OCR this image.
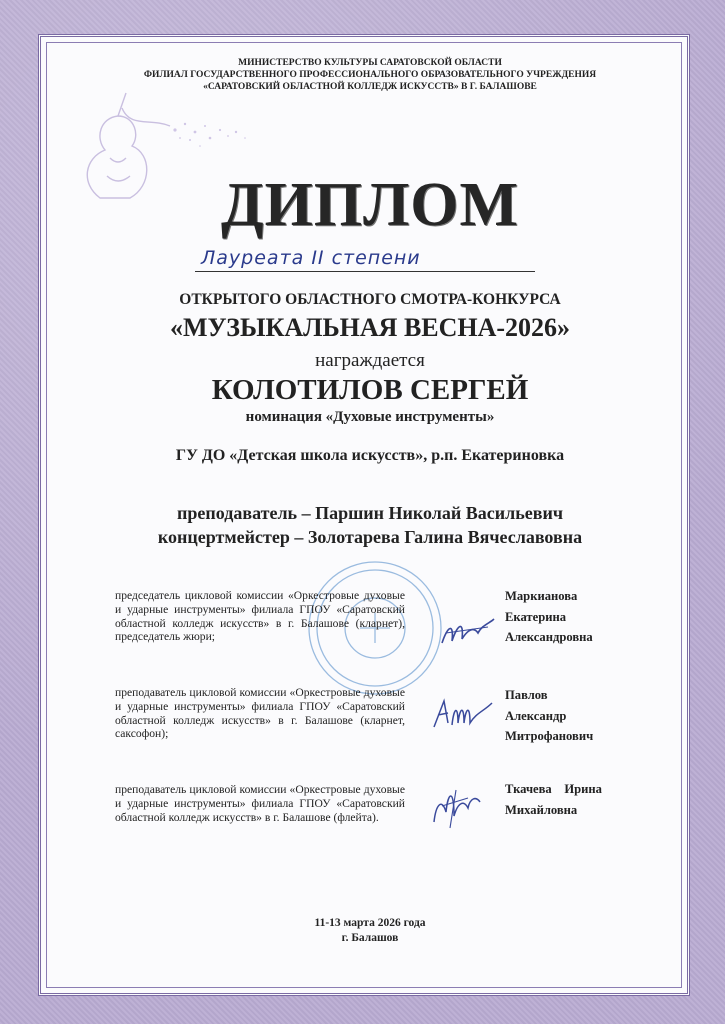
МИНИСТЕРСТВО КУЛЬТУРЫ САРАТОВСКОЙ ОБЛАСТИ
ФИЛИАЛ ГОСУДАРСТВЕННОГО ПРОФЕССИОНАЛЬНОГО ОБРАЗОВАТЕЛЬНОГО УЧРЕЖДЕНИЯ
«САРАТОВСКИЙ ОБЛАСТНОЙ КОЛЛЕДЖ ИСКУССТВ» В Г. БАЛАШОВЕ
ДИПЛОМ
Лауреата II степени
ОТКРЫТОГО ОБЛАСТНОГО СМОТРА-КОНКУРСА
«МУЗЫКАЛЬНАЯ ВЕСНА-2026»
награждается
КОЛОТИЛОВ СЕРГЕЙ
номинация «Духовые инструменты»
ГУ ДО «Детская школа искусств», р.п. Екатериновка
преподаватель – Паршин Николай Васильевич
концертмейстер – Золотарева Галина Вячеславовна
председатель цикловой комиссии «Оркестровые духовые и ударные инструменты» филиала ГПОУ «Саратовский областной колледж искусств» в г. Балашове (кларнет), председатель жюри;
Маркианова
Екатерина
Александровна
преподаватель цикловой комиссии «Оркестровые духовые и ударные инструменты» филиала ГПОУ «Саратовский областной колледж искусств» в г. Балашове (кларнет, саксофон);
Павлов
Александр
Митрофанович
преподаватель цикловой комиссии «Оркестровые духовые и ударные инструменты» филиала ГПОУ «Саратовский областной колледж искусств» в г. Балашове (флейта).
Ткачева    Ирина
Михайловна
11-13 марта 2026 года
г. Балашов
